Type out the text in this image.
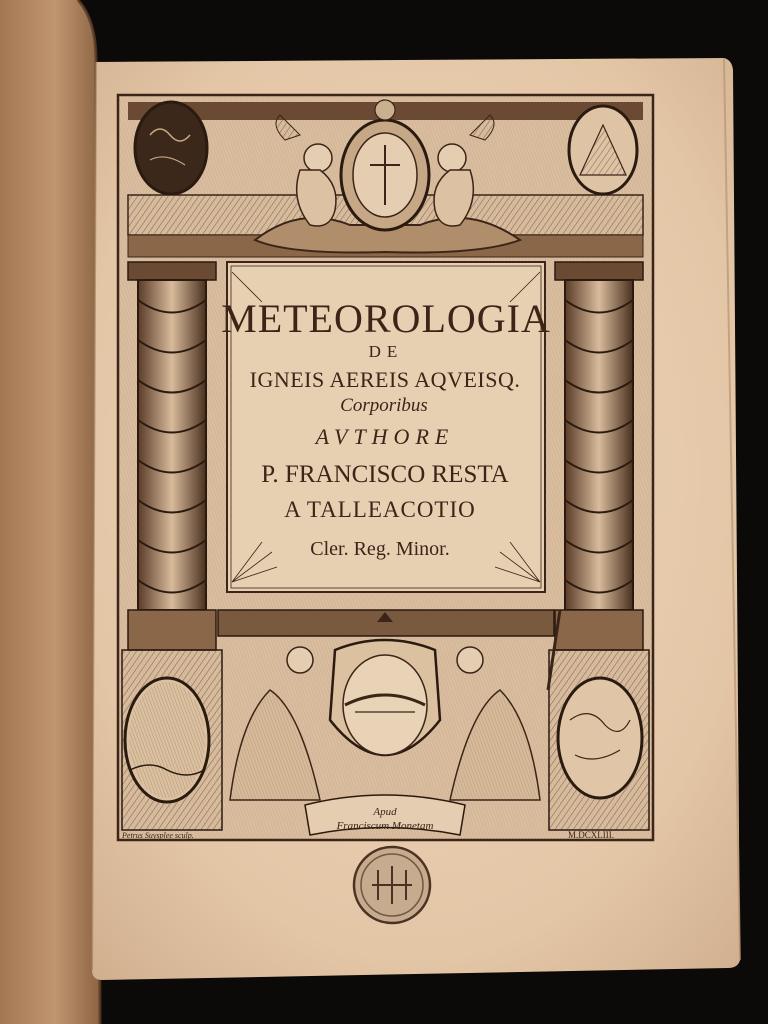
METEOROLOGIA
DE
IGNEIS AEREIS AQVEISQ.
Corporibus
AVTHORE
P. FRANCISCO RESTA
A TALLEACOTIO
Cler. Reg. Minor.
Apud
Franciscum Monetam
Petrus Suysplee sculp.	M.DCXLIII.
